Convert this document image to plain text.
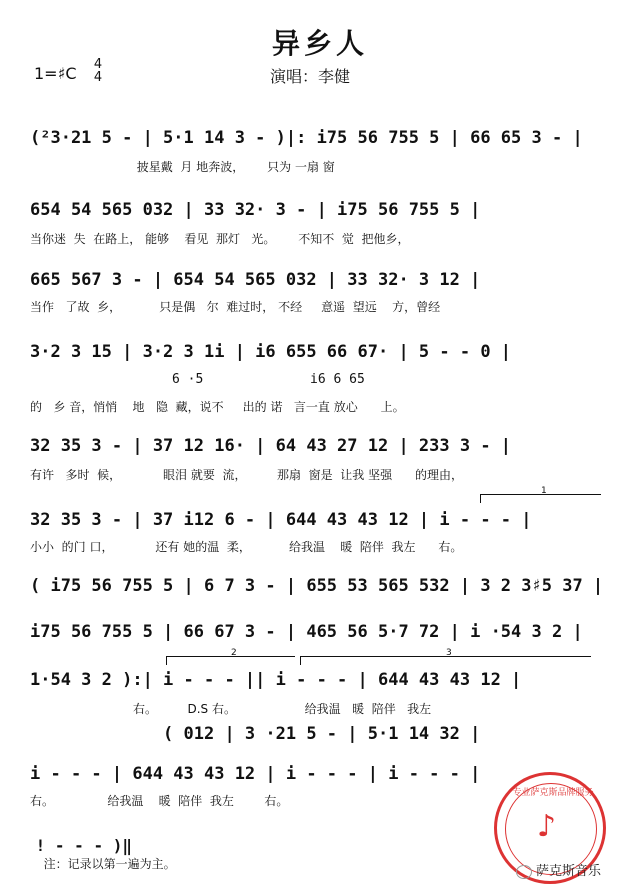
异乡人
1=♯C 4
4	演唱：李健
(²3·21 5 - | 5·1 14 3 - )|: i75 56 755 5 | 66 65 3 - |
披星戴  月 地奔波，      只为 一扇 窗
654 54 565 032 | 33 32· 3 - | i75 56 755 5 |
当你迷  失  在路上， 能够    看见  那灯   光。      不知不  觉  把他乡，
665 567 3 - | 654 54 565 032 | 33 32· 3 12 |
当作   了故  乡，          只是偶   尔  难过时， 不经     意遥  望远    方，曾经
3·2 3 15 | 3·2 3 1i | i6 655 66 67· | 5 - - 0 |
6 ·5	i6 6 65
的   乡 音，悄悄    地   隐  藏，说不     出的 诺   言一直 放心      上。
32 35 3 - | 37 12 16· | 64 43 27 12 | 233 3 - |
有许   多时  候，           眼泪 就要  流，        那扇  窗是  让我 坚强      的理由，
1
32 35 3 - | 37 i12 6 - | 644 43 43 12 | i - - - |
小小  的门 口，           还有 她的温  柔，          给我温    暖  陪伴  我左      右。
( i75 56 755 5 | 6 7 3 - | 655 53 565 532 | 3 2 3♯5 37 |
i75 56 755 5 | 66 67 3 - | 465 56 5·7 72 | i ·54 3 2 |
2	3
1·54 3 2 ):| i - - - || i - - - | 644 43 43 12 |
右。        D.S 右。                  给我温   暖  陪伴   我左
( 012 | 3 ·21 5 - | 5·1 14 32 |
i - - - | 644 43 43 12 | i - - - | i - - - |
右。              给我温    暖  陪伴  我左        右。

! - - - )‖
注：记录以第一遍为主。

专业萨克斯品牌服务
♪
萨克斯音乐
